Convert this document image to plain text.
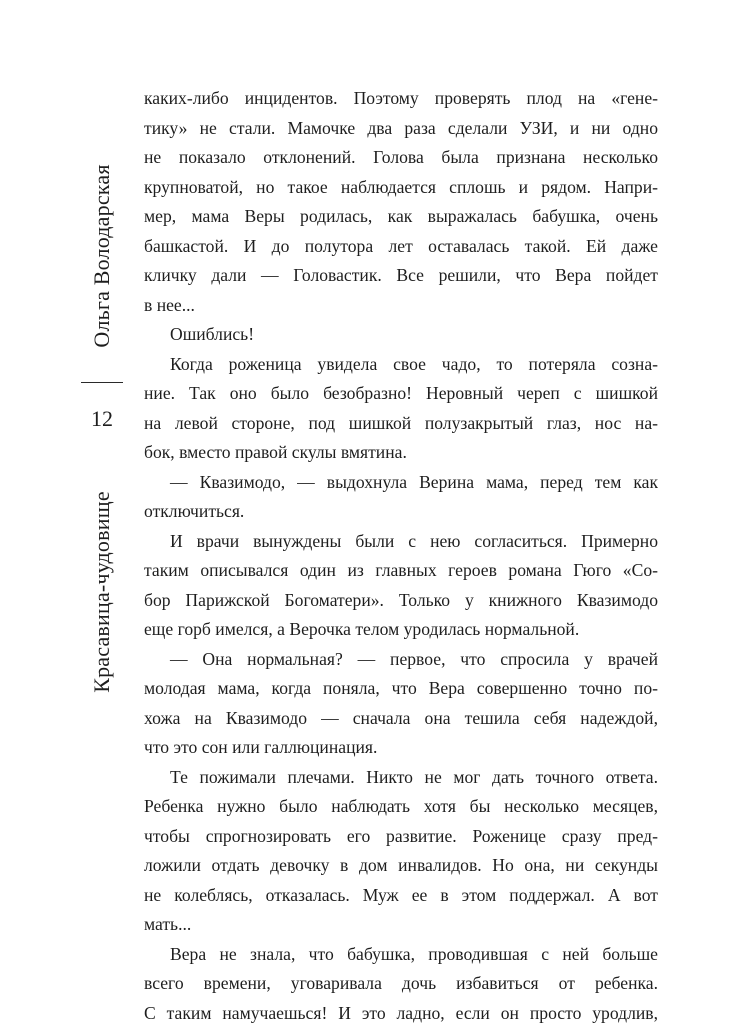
Ольга Володарская
12
Красавица-чудовище
каких-либо инцидентов. Поэтому проверять плод на «гене-
тику» не стали. Мамочке два раза сделали УЗИ, и ни одно
не показало отклонений. Голова была признана несколько
крупноватой, но такое наблюдается сплошь и рядом. Напри-
мер, мама Веры родилась, как выражалась бабушка, очень
башкастой. И до полутора лет оставалась такой. Ей даже
кличку дали — Головастик. Все решили, что Вера пойдет
в нее...
Ошиблись!
Когда роженица увидела свое чадо, то потеряла созна-
ние. Так оно было безобразно! Неровный череп с шишкой
на левой стороне, под шишкой полузакрытый глаз, нос на-
бок, вместо правой скулы вмятина.
— Квазимодо, — выдохнула Верина мама, перед тем как
отключиться.
И врачи вынуждены были с нею согласиться. Примерно
таким описывался один из главных героев романа Гюго «Со-
бор Парижской Богоматери». Только у книжного Квазимодо
еще горб имелся, а Верочка телом уродилась нормальной.
— Она нормальная? — первое, что спросила у врачей
молодая мама, когда поняла, что Вера совершенно точно по-
хожа на Квазимодо — сначала она тешила себя надеждой,
что это сон или галлюцинация.
Те пожимали плечами. Никто не мог дать точного ответа.
Ребенка нужно было наблюдать хотя бы несколько месяцев,
чтобы спрогнозировать его развитие. Роженице сразу пред-
ложили отдать девочку в дом инвалидов. Но она, ни секунды
не колеблясь, отказалась. Муж ее в этом поддержал. А вот
мать...
Вера не знала, что бабушка, проводившая с ней больше
всего времени, уговаривала дочь избавиться от ребенка.
С таким намучаешься! И это ладно, если он просто уродлив,
